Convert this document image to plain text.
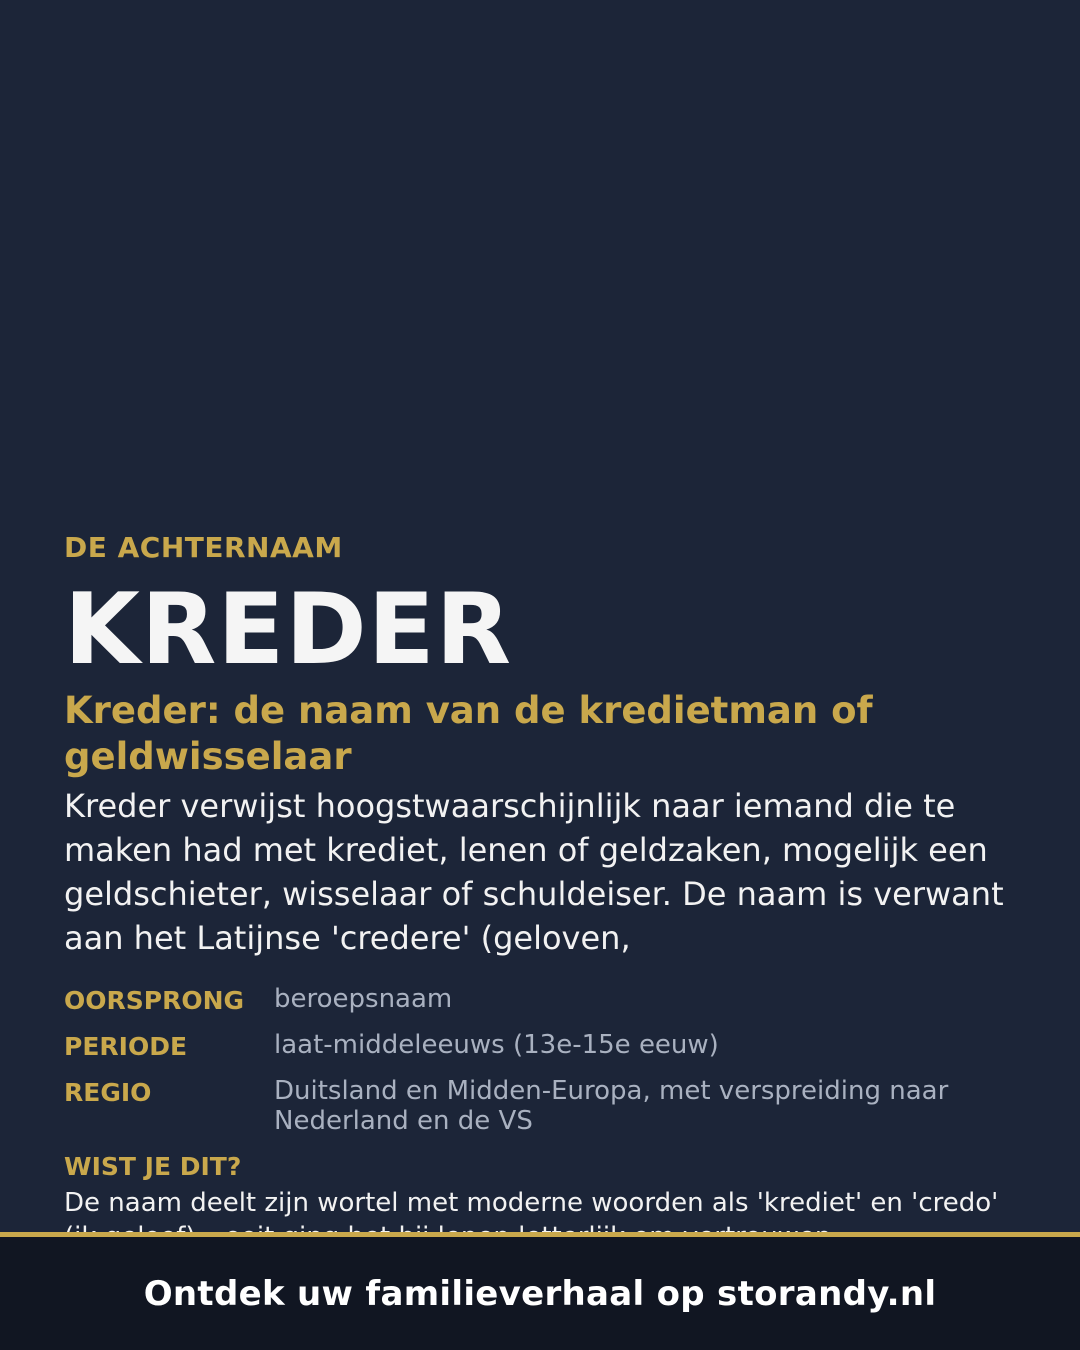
DE ACHTERNAAM
KREDER
Kreder: de naam van de kredietman of geldwisselaar
Kreder verwijst hoogstwaarschijnlijk naar iemand die te maken had met krediet, lenen of geldzaken, mogelijk een geldschieter, wisselaar of schuldeiser. De naam is verwant aan het Latijnse 'credere' (geloven,
OORSPRONG	beroepsnaam
PERIODE	laat-middeleeuws (13e-15e eeuw)
REGIO	Duitsland en Midden-Europa, met verspreiding naar Nederland en de VS
WIST JE DIT?
De naam deelt zijn wortel met moderne woorden als 'krediet' en 'credo'
Ontdek uw familieverhaal op storandy.nl
